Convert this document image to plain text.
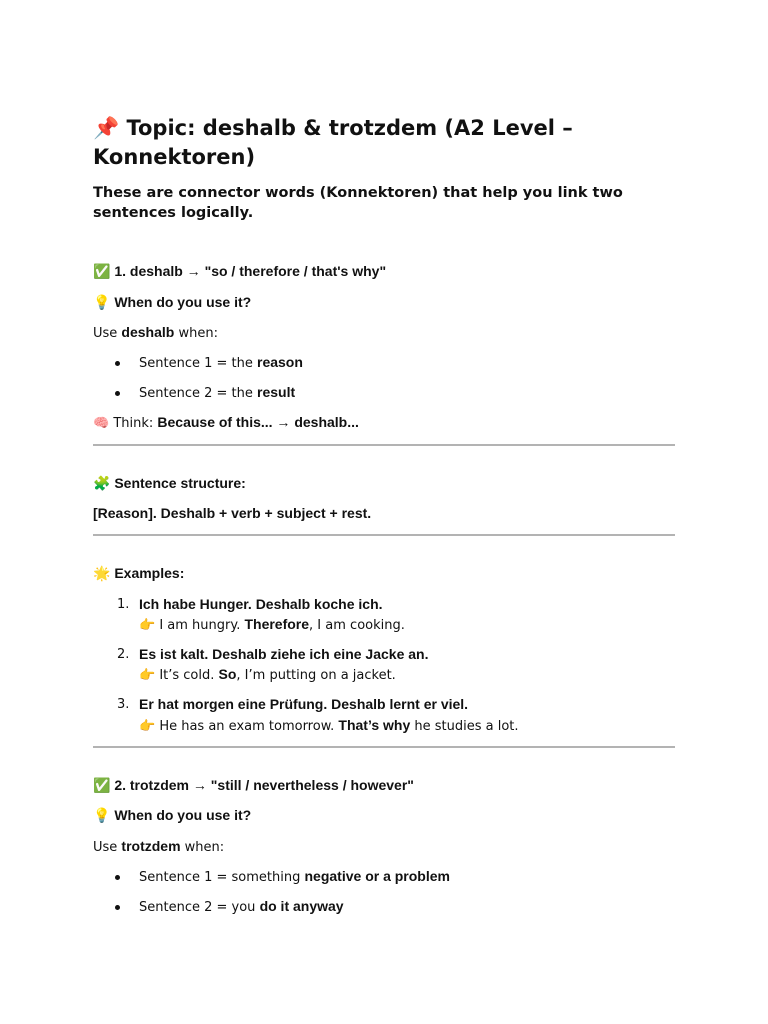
📌 Topic: deshalb & trotzdem (A2 Level – Konnektoren)

These are connector words (Konnektoren) that help you link two sentences logically.

✅ 1. deshalb → "so / therefore / that's why"
💡 When do you use it?
Use deshalb when:
Sentence 1 = the reason
Sentence 2 = the result
🧠 Think: Because of this... → deshalb...
🧩 Sentence structure:
[Reason]. Deshalb + verb + subject + rest.
🌟 Examples:
1. Ich habe Hunger. Deshalb koche ich.
👉 I am hungry. Therefore, I am cooking.
2. Es ist kalt. Deshalb ziehe ich eine Jacke an.
👉 It’s cold. So, I’m putting on a jacket.
3. Er hat morgen eine Prüfung. Deshalb lernt er viel.
👉 He has an exam tomorrow. That’s why he studies a lot.
✅ 2. trotzdem → "still / nevertheless / however"
💡 When do you use it?
Use trotzdem when:
Sentence 1 = something negative or a problem
Sentence 2 = you do it anyway
